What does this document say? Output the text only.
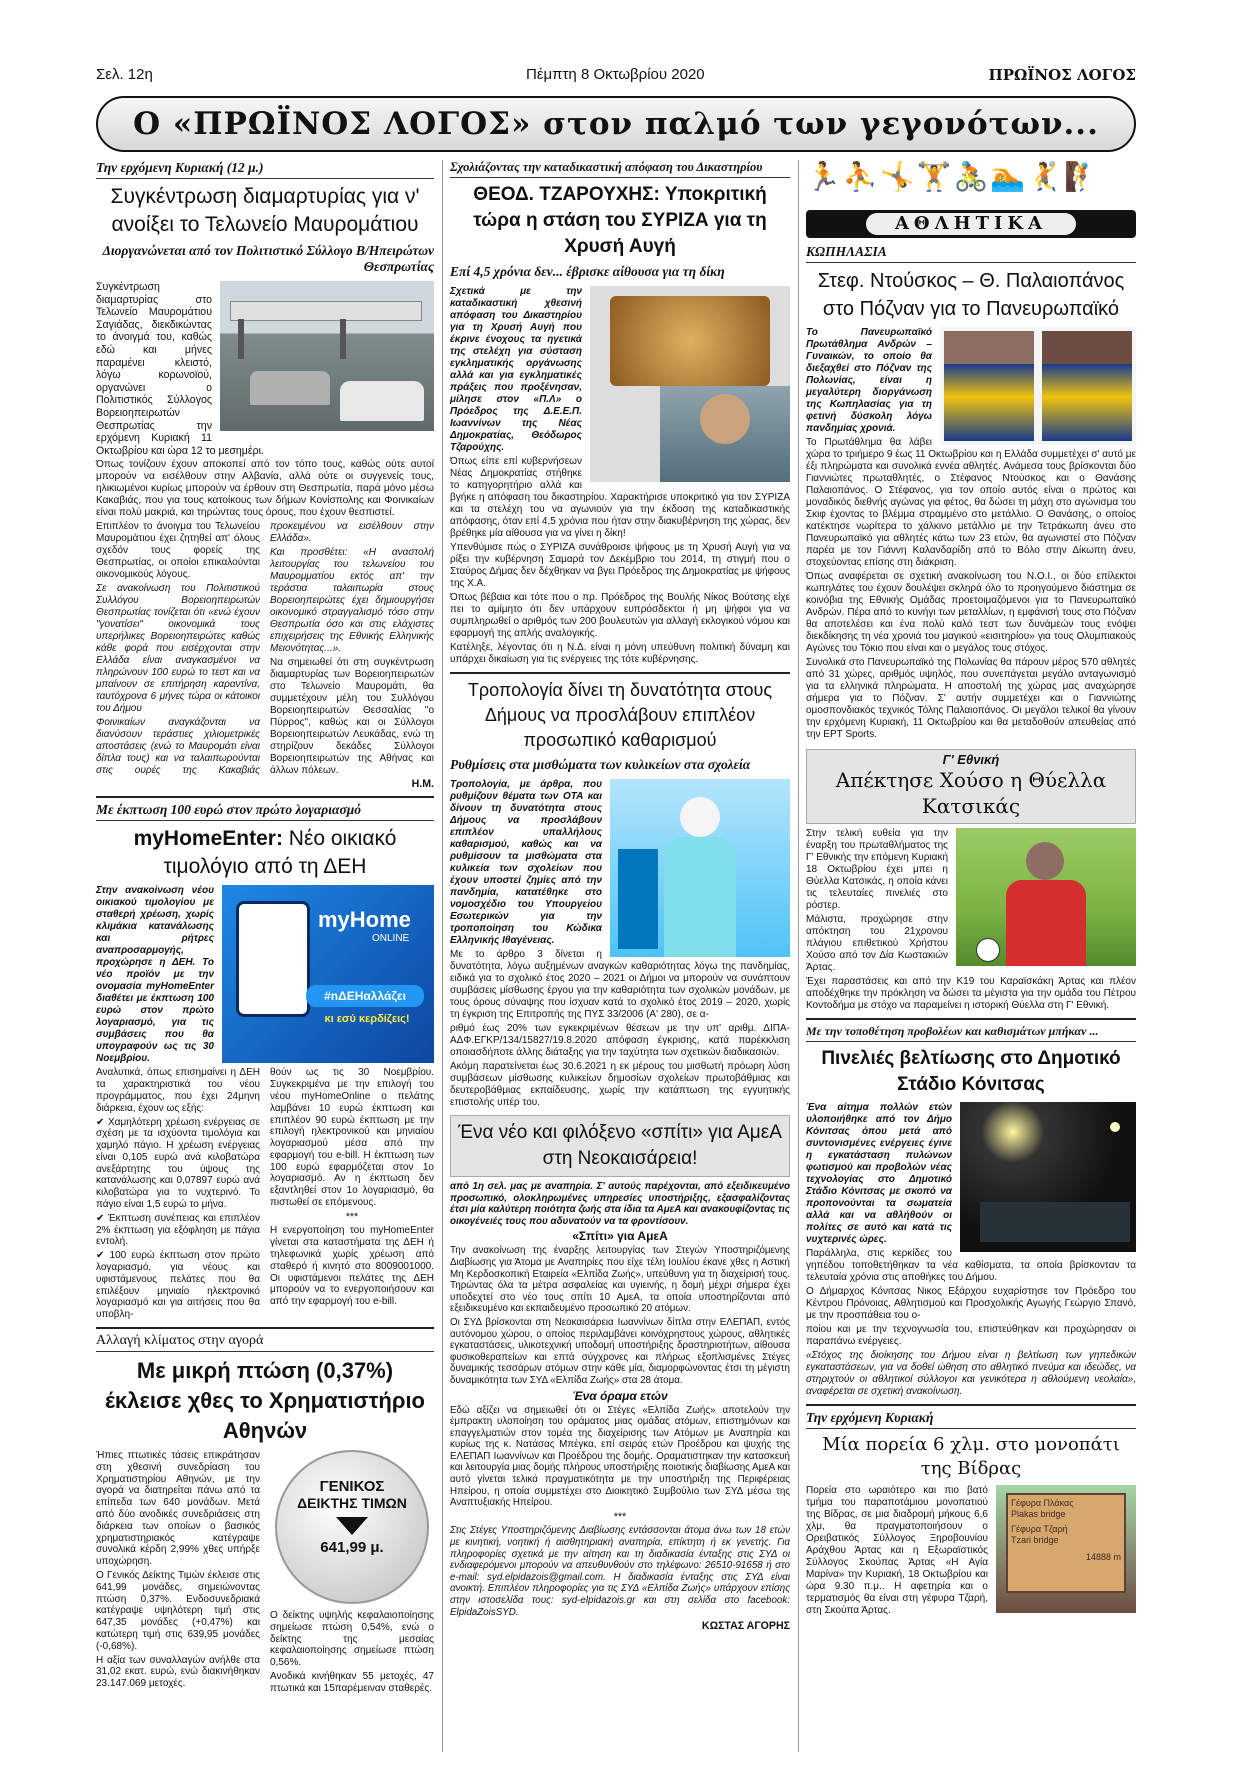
Σελ. 12η	Πέμπτη 8 Οκτωβρίου 2020	ΠΡΩΪΝΟΣ ΛΟΓΟΣ
Ο «ΠΡΩΪΝΟΣ ΛΟΓΟΣ» στον παλμό των γεγονότων...
Την ερχόμενη Κυριακή (12 μ.)
Συγκέντρωση διαμαρτυρίας για ν' ανοίξει το Τελωνείο Μαυρομάτιου
Διοργανώνεται από τον Πολιτιστικό Σύλλογο Β/Ηπειρώτων Θεσπρωτίας

Συγκέντρωση διαμαρτυρίας στο Τελωνείο Μαυρομάτιου Σαγιάδας, διεκδικώντας το άνοιγμά του, καθώς εδώ και μήνες παραμένει κλειστό, λόγω κορωνοϊού, οργανώνει ο Πολιτιστικός Σύλλογος Βορειοηπειρωτών Θεσπρωτίας την ερχόμενη Κυριακή 11 Οκτωβρίου και ώρα 12 το μεσημέρι.

Όπως τονίζουν έχουν αποκοπεί από τον τόπο τους, καθώς ούτε αυτοί μπορούν να εισέλθουν στην Αλβανία, αλλά ούτε οι συγγενείς τους, ηλικιωμένοι κυρίως μπορούν να έρθουν στη Θεσπρωτία, παρά μόνο μέσω Κακαβιάς, που για τους κατοίκους των δήμων Κονίσπολης και Φοινικαίων είναι πολύ μακριά, και τηρώντας τους όρους, που έχουν θεσπιστεί.

Επιπλέον το άνοιγμα του Τελωνείου Μαυρομάτιου έχει ζητηθεί απ' όλους σχεδόν τους φορείς της Θεσπρωτίας, οι οποίοι επικαλούνται οικονομικούς λόγους.

Σε ανακοίνωση του Πολιτιστικού Συλλόγου Βορειοηπειρωτών Θεσπρωτίας τονίζεται ότι «ενώ έχουν "γονατίσει" οικονομικά τους υπερήλικες Βορειοηπειρώτες καθώς κάθε φορά που εισέρχονται στην Ελλάδα είναι αναγκασμένοι να πληρώνουν 100 ευρώ το τεστ και να μπαίνουν σε επιτήρηση καραντίνα, ταυτόχρονα 6 μήνες τώρα οι κάτοικοι του Δήμου

Φοινικαίων αναγκάζονται να διανύσουν τεράστιες χιλιομετρικές αποστάσεις (ενώ το Μαυρομάτι είναι δίπλα τους) και να ταλαιπωρούνται στις ουρές της Κακαβιάς προκειμένου να εισέλθουν στην Ελλάδα».

Και προσθέτει: «Η αναστολή λειτουργίας του τελωνείου του Μαυρομματίου εκτός απ' την τεράστια ταλαιπωρία στους Βορειοηπειρώτες έχει δημιουργήσει οικονομικό στραγγαλισμό τόσο στην Θεσπρωτία όσο και στις ελάχιστες επιχειρήσεις της Εθνικής Ελληνικής Μειονότητας...».

Να σημειωθεί ότι στη συγκέντρωση διαμαρτυρίας των Βορειοηπειρωτών στο Τελωνείο Μαυρομάτι, θα συμμετέχουν μέλη του Συλλόγου Βορειοηπειρωτών Θεσσαλίας "ο Πύρρος", καθώς και οι Σύλλογοι Βορειοηπειρωτών Λευκάδας, ενώ τη στηρίζουν δεκάδες Σύλλογοι Βορειοηπειρωτών της Αθήνας και άλλων πόλεων.

Η.Μ.
Με έκπτωση 100 ευρώ στον πρώτο λογαριασμό
myHomeEnter: Νέο οικιακό τιμολόγιο από τη ΔΕΗ
myHome
ONLINE
#nΔΕΗαλλάζει
κι εσύ κερδίζεις!

Στην ανακοίνωση νέου οικιακού τιμολογίου με σταθερή χρέωση, χωρίς κλιμάκια κατανάλωσης και ρήτρες αναπροσαρμογής, προχώρησε η ΔΕΗ. Το νέο προϊόν με την ονομασία myHomeEnter διαθέτει με έκπτωση 100 ευρώ στον πρώτο λογαριασμό, για τις συμβάσεις που θα υπογραφούν ως τις 30 Νοεμβρίου.

Αναλυτικά, όπως επισημαίνει η ΔΕΗ τα χαρακτηριστικά του νέου προγράμματος, που έχει 24μηνη διάρκεια, έχουν ως εξής:

✔ Χαμηλότερη χρέωση ενέργειας σε σχέση με τα ισχύοντα τιμολόγια και χαμηλό πάγιο. Η χρέωση ενέργειας είναι 0,105 ευρώ ανά κιλοβατώρα ανεξάρτητης του ύψους της κατανάλωσης και 0,07897 ευρώ ανά κιλοβατώρα για το νυχτερινό. Το πάγιο είναι 1,5 ευρώ το μήνα.

✔ Έκπτωση συνέπειας και επιπλέον 2% έκπτωση για εξόφληση με πάγια εντολή.

✔ 100 ευρώ έκπτωση στον πρώτο λογαριασμό, για νέους και υφιστάμενους πελάτες που θα επιλέξουν μηνιαίο ηλεκτρονικό λογαριασμό και για αιτήσεις που θα υποβλη-

θούν ως τις 30 Νοεμβρίου. Συγκεκριμένα με την επιλογή του νέου myHomeOnline ο πελάτης λαμβάνει 10 ευρώ έκπτωση και επιπλέον 90 ευρώ έκπτωση με την επιλογή ηλεκτρονικού και μηνιαίου λογαριασμού μέσα από την εφαρμογή του e-bill. Η έκπτωση των 100 ευρώ εφαρμόζεται στον 1ο λογαριασμό. Αν η έκπτωση δεν εξαντληθεί στον 1ο λογαριασμό, θα πιστωθεί σε επόμενους.

***

Η ενεργοποίηση του myHomeEnter γίνεται στα καταστήματα της ΔΕΗ ή τηλεφωνικά χωρίς χρέωση από σταθερό ή κινητό στο 8009001000. Οι υφιστάμενοι πελάτες της ΔΕΗ μπορούν να το ενεργοποιήσουν και από την εφαρμογή του e-bill.

Αλλαγή κλίματος στην αγορά
Με μικρή πτώση (0,37%) έκλεισε χθες το Χρηματιστήριο Αθηνών

Ήπιες πτωτικές τάσεις επικράτησαν στη χθεσινή συνεδρίαση του Χρηματιστηρίου Αθηνών, με την αγορά να διατηρείται πάνω από τα επίπεδα των 640 μονάδων. Μετά από δύο ανοδικές συνεδριάσεις στη διάρκεια των οποίων ο βασικός χρηματιστηριακός κατέγραψε συνολικά κέρδη 2,99% χθες υπήρξε υποχώρηση.

Ο Γενικός Δείκτης Τιμών έκλεισε στις 641,99 μονάδες, σημειώνοντας πτώση 0,37%. Ενδοσυνεδριακά κατέγραψε υψηλότερη τιμή στις 647,35 μονάδες (+0,47%) και κατώτερη τιμή στις 639,95 μονάδες (-0,68%).

Η αξία των συναλλαγών ανήλθε στα 31,02 εκατ. ευρώ, ενώ διακινήθηκαν 23.147.069 μετοχές.

ΓΕΝΙΚΟΣ
ΔΕΙΚΤΗΣ ΤΙΜΩΝ
641,99 μ.

Ο δείκτης υψηλής κεφαλαιοποίησης σημείωσε πτώση 0,54%, ενώ ο δείκτης της μεσαίας κεφαλαιοποίησης σημείωσε πτώση 0,56%.

Ανοδικά κινήθηκαν 55 μετοχές, 47 πτωτικά και 15παρέμειναν σταθερές.

Σχολιάζοντας την καταδικαστική απόφαση του Δικαστηρίου
ΘΕΟΔ. ΤΖΑΡΟΥΧΗΣ: Υποκριτική τώρα η στάση του ΣΥΡΙΖΑ για τη Χρυσή Αυγή
Επί 4,5 χρόνια δεν... έβρισκε αίθουσα για τη δίκη

Σχετικά με την καταδικαστική χθεσινή απόφαση του Δικαστηρίου για τη Χρυσή Αυγή που έκρινε ένοχους τα ηγετικά της στελέχη για σύσταση εγκληματικής οργάνωσης αλλά και για εγκληματικές πράξεις που προξένησαν, μίλησε στον «Π.Λ» ο Πρόεδρος της Δ.Ε.Ε.Π. Ιωαννίνων της Νέας Δημοκρατίας, Θεόδωρος Τζαρούχης.

Όπως είπε επί κυβερνήσεων Νέας Δημοκρατίας στήθηκε το κατηγορητήριο αλλά και βγήκε η απόφαση του δικαστηρίου. Χαρακτήρισε υποκριτικό για τον ΣΥΡΙΖΑ και τα στελέχη του να αγωνιούν για την έκδοση της καταδικαστικής απόφασης, όταν επί 4,5 χρόνια που ήταν στην διακυβέρνηση της χώρας, δεν βρέθηκε μία αίθουσα για να γίνει η δίκη!

Υπενθύμισε πώς ο ΣΥΡΙΖΑ συνάθροισε ψήφους με τη Χρυσή Αυγή για να ρίξει την κυβέρνηση Σαμαρά τον Δεκέμβριο του 2014, τη στιγμή που ο Σταύρος Δήμας δεν δέχθηκαν να βγει Πρόεδρος της Δημοκρατίας με ψήφους της Χ.Α.

Όπως βέβαια και τότε που ο πρ. Πρόεδρος της Βουλής Νίκος Βούτσης είχε πει το αμίμητο ότι δεν υπάρχουν ευπρόσδεκτοι ή μη ψήφοι για να συμπληρωθεί ο αριθμός των 200 βουλευτών για αλλαγή εκλογικού νόμου και εφαρμογή της απλής αναλογικής.

Κατέληξε, λέγοντας ότι η Ν.Δ. είναι η μόνη υπεύθυνη πολιτική δύναμη και υπάρχει δικαίωση για τις ενέργειες της τότε κυβέρνησης.

Τροπολογία δίνει τη δυνατότητα στους Δήμους να προσλάβουν επιπλέον προσωπικό καθαρισμού
Ρυθμίσεις στα μισθώματα των κυλικείων στα σχολεία

Τροπολογία, με άρθρα, που ρυθμίζουν θέματα των ΟΤΑ και δίνουν τη δυνατότητα στους Δήμους να προσλάβουν επιπλέον υπαλλήλους καθαρισμού, καθώς και να ρυθμίσουν τα μισθώματα στα κυλικεία των σχολείων που έχουν υποστεί ζημίες από την πανδημία, κατατέθηκε στο νομοσχέδιο του Υπουργείου Εσωτερικών για την τροποποίηση του Κώδικα Ελληνικής Ιθαγένειας.

Με το άρθρο 3 δίνεται η δυνατότητα, λόγω αυξημένων αναγκών καθαριότητας λόγω της πανδημίας, ειδικά για το σχολικό έτος 2020 – 2021 οι Δήμοι να μπορούν να συνάπτουν συμβάσεις μίσθωσης έργου για την καθαριότητα των σχολικών μονάδων, με τους όρους σύναψης που ίσχυαν κατά το σχολικό έτος 2019 – 2020, χωρίς τη έγκριση της Επιτροπής της ΠΥΣ 33/2006 (Α' 280), σε α-

ριθμό έως 20% των εγκεκριμένων θέσεων με την υπ' αριθμ. ΔΙΠΑ-ΑΔΦ.ΕΓΚΡ/134/15827/19.8.2020 απόφαση έγκρισης, κατά παρέκκλιση οποιασδήποτε άλλης διάταξης για την ταχύτητα των σχετικών διαδικασιών.

Ακόμη παρατείνεται έως 30.6.2021 η εκ μέρους του μισθωτή πρόωρη λύση συμβάσεων μίσθωσης κυλικείων δημοσίων σχολείων πρωτοβάθμιας και δευτεροβάθμιας εκπαίδευσης, χωρίς την κατάπτωση της εγγυητικής επιστολής υπέρ του.

Ένα νέο και φιλόξενο «σπίτι» για ΑμεΑ στη Νεοκαισάρεια!

από 1η σελ. μας με αναπηρία. Σ' αυτούς παρέχονται, από εξειδικευμένο προσωπικό, ολοκληρωμένες υπηρεσίες υποστήριξης, εξασφαλίζοντας έτσι μία καλύτερη ποιότητα ζωής στα ίδια τα ΑμεΑ και ανακουφίζοντας τις οικογένειές τους που αδυνατούν να τα φροντίσουν.

«Σπίτι» για ΑμεΑ

Την ανακοίνωση της έναρξης λειτουργίας των Στεγών Υποστηριζόμενης Διαβίωσης για Άτομα με Αναπηρίες που είχε τέλη Ιουλίου έκανε χθες η Αστική Μη Κερδοσκοπική Εταιρεία «Ελπίδα Ζωής», υπεύθυνη για τη διαχείρισή τους. Τηρώντας όλα τα μέτρα ασφαλείας και υγιεινής, η δομή μέχρι σήμερα έχει υποδεχτεί στο νέο τους σπίτι 10 ΑμεΑ, τα οποία υποστηρίζονται από εξειδικευμένο και εκπαιδευμένο προσωπικό 20 ατόμων.

Οι ΣΥΔ βρίσκονται στη Νεοκαισάρεια Ιωαννίνων δίπλα στην ΕΛΕΠΑΠ, εντός αυτόνομου χώρου, ο οποίος περιλαμβάνει κοινόχρηστους χώρους, αθλητικές εγκαταστάσεις, υλικοτεχνική υποδομή υποστήριξης δραστηριοτήτων, αίθουσα φυσικοθεραπείων και επτά σύγχρονες και πλήρως εξοπλισμένες Στέγες δυναμικής τεσσάρων ατόμων στην κάθε μία, διαμορφώνοντας έτσι τη μέγιστη δυναμικότητα των ΣΥΔ «Ελπίδα Ζωής» στα 28 άτομα.

Ένα όραμα ετών

Εδώ αξίζει να σημειωθεί ότι οι Στέγες «Ελπίδα Ζωής» αποτελούν την έμπρακτη υλοποίηση του οράματος μιας ομάδας ατόμων, επιστημόνων και επαγγελματιών στον τομέα της διαχείρισης των Ατόμων με Αναπηρία και κυρίως της κ. Νατάσας Μπέγκα, επί σειράς ετών Προέδρου και ψυχής της ΕΛΕΠΑΠ Ιωαννίνων και Προέδρου της δομής. Οραματιστηκαν την κατασκευή και λειτουργία μιας δομής πλήρους υποστήριξης ποιοτικής διαβίωσης ΑμεΑ και αυτό γίνεται τελικά πραγματικότητα με την υποστήριξη της Περιφέρειας Ηπείρου, η οποία συμμετέχει στο Διοικητικό Συμβούλιο των ΣΥΔ μέσω της Αναπτυξιακής Ηπείρου.

***

Στις Στέγες Υποστηριζόμενης Διαβίωσης εντάσσονται άτομα άνω των 18 ετών με κινητική, νοητική ή αισθητηριακή αναπηρία, επίκτητη ή εκ γενετής. Για πληροφορίες σχετικά με την αίτηση και τη διαδικασία ένταξης στις ΣΥΔ οι ενδιαφερόμενοι μπορούν να απευθυνθούν στο τηλέφωνο: 26510-91658 ή στο e-mail: syd.elpidazois@gmail.com. Η διαδικασία ένταξης στις ΣΥΔ είναι ανοικτή. Επιπλέον πληροφορίες για τις ΣΥΔ «Ελπίδα Ζωής» υπάρχουν επίσης στην ιστοσελίδα τους: syd-elpidazois.gr και στη σελίδα στο facebook: ElpidaZoisSYD.

ΚΩΣΤΑΣ ΑΓΟΡΗΣ
🏃⛹🤸🏋🚴🏊🤾🧗
ΑΘΛΗΤΙΚΑ
ΚΩΠΗΛΑΣΙΑ
Στεφ. Ντούσκος – Θ. Παλαιοπάνος στο Πόζναν για το Πανευρωπαϊκό

Το Πανευρωπαϊκό Πρωτάθλημα Ανδρών – Γυναικών, το οποίο θα διεξαχθεί στο Πόζναν της Πολωνίας, είναι η μεγαλύτερη διοργάνωση της Κωπηλασίας για τη φετινή δύσκολη λόγω πανδημίας χρονιά.

Το Πρωτάθλημα θα λάβει χώρα το τριήμερο 9 έως 11 Οκτωβρίου και η Ελλάδα συμμετέχει σ' αυτό με έξι πληρώματα και συνολικά εννέα αθλητές. Ανάμεσα τους βρίσκονται δύο Γιαννιώτες πρωταθλητές, ο Στέφανος Ντούσκος και ο Θανάσης Παλαιοπάνος. Ο Στέφανος, για τον οποίο αυτός είναι ο πρώτος και μοναδικός διεθνής αγώνας για φέτος, θα δώσει τη μάχη στο αγώνισμα του Σκιφ έχοντας το βλέμμα στραμμένο στο μετάλλιο. Ο Θανάσης, ο οποίος κατέκτησε νωρίτερα το χάλκινο μετάλλιο με την Τετράκωπη άνευ στο Πανευρωπαϊκό για αθλητές κάτω των 23 ετών, θα αγωνιστεί στο Πόζναν παρέα με τον Γιάννη Καλανδαρίδη από το Βόλο στην Δίκωπη άνευ, στοχεύοντας επίσης στη διάκριση.

Όπως αναφέρεται σε σχετική ανακοίνωση του Ν.Ο.Ι., οι δύο επίλεκτοι κωπηλάτες του έχουν δουλέψει σκληρά όλο το προηγούμενο διάστημα σε κοινόβια της Εθνικής Ομάδας προετοιμαζόμενοι για το Πανευρωπαϊκό Ανδρών. Πέρα από το κυνήγι των μεταλλίων, η εμφάνισή τους στο Πόζναν θα αποτελέσει και ένα πολύ καλό τεστ των δυνάμεών τους ενόψει διεκδίκησης τη νέα χρονιά του μαγικού «εισιτηρίου» για τους Ολυμπιακούς Αγώνες του Τόκιο που είναι και ο μεγάλος τους στόχος.

Συνολικά στο Πανευρωπαϊκό της Πολωνίας θα πάρουν μέρος 570 αθλητές από 31 χώρες, αριθμός υψηλός, που συνεπάγεται μεγάλο ανταγωνισμό για τα ελληνικά πληρώματα. Η αποστολή της χώρας μας αναχώρησε σήμερα για το Πόζναν. Σ' αυτήν συμμετέχει και ο Γιαννιώτης ομοσπονδιακός τεχνικός Τόλης Παλαιοπάνος. Οι μεγάλοι τελικοί θα γίνουν την ερχόμενη Κυριακή, 11 Οκτωβρίου και θα μεταδοθούν απευθείας από την ΕΡΤ Sports.

Γ' Εθνική
Απέκτησε Χούσο η Θύελλα Κατσικάς

Στην τελική ευθεία για την έναρξη του πρωταθλήματος της Γ' Εθνικής την επόμενη Κυριακή 18 Οκτωβρίου έχει μπει η Θύελλα Κατσικάς, η οποία κάνει τις τελευταίες πινελιές στο ρόστερ.

Μάλιστα, προχώρησε στην απόκτηση του 21χρονου πλάγιου επιθετικού Χρήστου Χούσο από τον Δία Κωστακιών Άρτας.

Έχει παραστάσεις και από την Κ19 του Καραϊσκάκη Άρτας και πλέον αποδέχθηκε την πρόκληση να δώσει τα μέγιστα για την ομάδα του Πέτρου Κοντοδήμα με στόχο να παραμείνει η ιστορική Θύελλα στη Γ' Εθνική.

Με την τοποθέτηση προβολέων και καθισμάτων μπήκαν ...
Πινελιές βελτίωσης στο Δημοτικό Στάδιο Κόνιτσας

Ένα αίτημα πολλών ετών υλοποιήθηκε από τον Δήμο Κόνιτσας όπου μετά από συντονισμένες ενέργειες έγινε η εγκατάσταση πυλώνων φωτισμού και προβολών νέας τεχνολογίας στο Δημοτικό Στάδιο Κόνιτσας με σκοπό να προπονούνται τα σωματεία αλλά και να αθλήθούν οι πολίτες σε αυτό και κατά τις νυχτερινές ώρες.

Παράλληλα, στις κερκίδες του γηπέδου τοποθετήθηκαν τα νέα καθίσματα, τα οποία βρίσκονταν τα τελευταία χρόνια στις αποθήκες του Δήμου.

Ο Δήμαρχος Κόνιτσας Νικος Εξάρχου ευχαρίστησε τον Πρόεδρο του Κέντρου Πρόνοιας, Αθλητισμού και Προσχολικής Αγωγής Γεώργιο Σπανό, με την προσπάθεια του ο-

ποίου και με την τεχνογνωσία του, επιστεύθηκαν και προχώρησαν οι παραπάνω ενέργειες.

«Στόχος της διοίκησης του Δήμου είναι η βελτίωση των γηπεδικών εγκαταστάσεων, για να δοθεί ώθηση στο αθλητικό πνεύμα και ιδεώδες, να στηριχτούν οι αθλητικοί σύλλογοι και γενικότερα η αθλούμενη νεολαία», αναφέρεται σε σχετική ανακοίνωση.

Την ερχόμενη Κυριακή
Μία πορεία 6 χλμ. στο μονοπάτι της Βίδρας
Γέφυρα Πλάκας
Plakas bridge
Γέφυρα Τζαρή
Tzari bridge
14888 m

Πορεία στο ωραιότερο και πιο βατό τμήμα του παραποτάμιου μονοπατιού της Βίδρας, σε μια διαδρομή μήκους 6,6 χλμ, θα πραγματοποιήσουν ο Ορειβατικός Σύλλογος Ξηροβουνίου Αράχθου Άρτας και η Εξωραϊστικός Σύλλογος Σκούπας Άρτας «Η Αγία Μαρίνα» την Κυριακή, 18 Οκτωβρίου και ώρα 9.30 π.μ.. Η αφετηρία και ο τερματισμός θα είναι στη γέφυρα Τζαρή, στη Σκούπα Άρτας.
